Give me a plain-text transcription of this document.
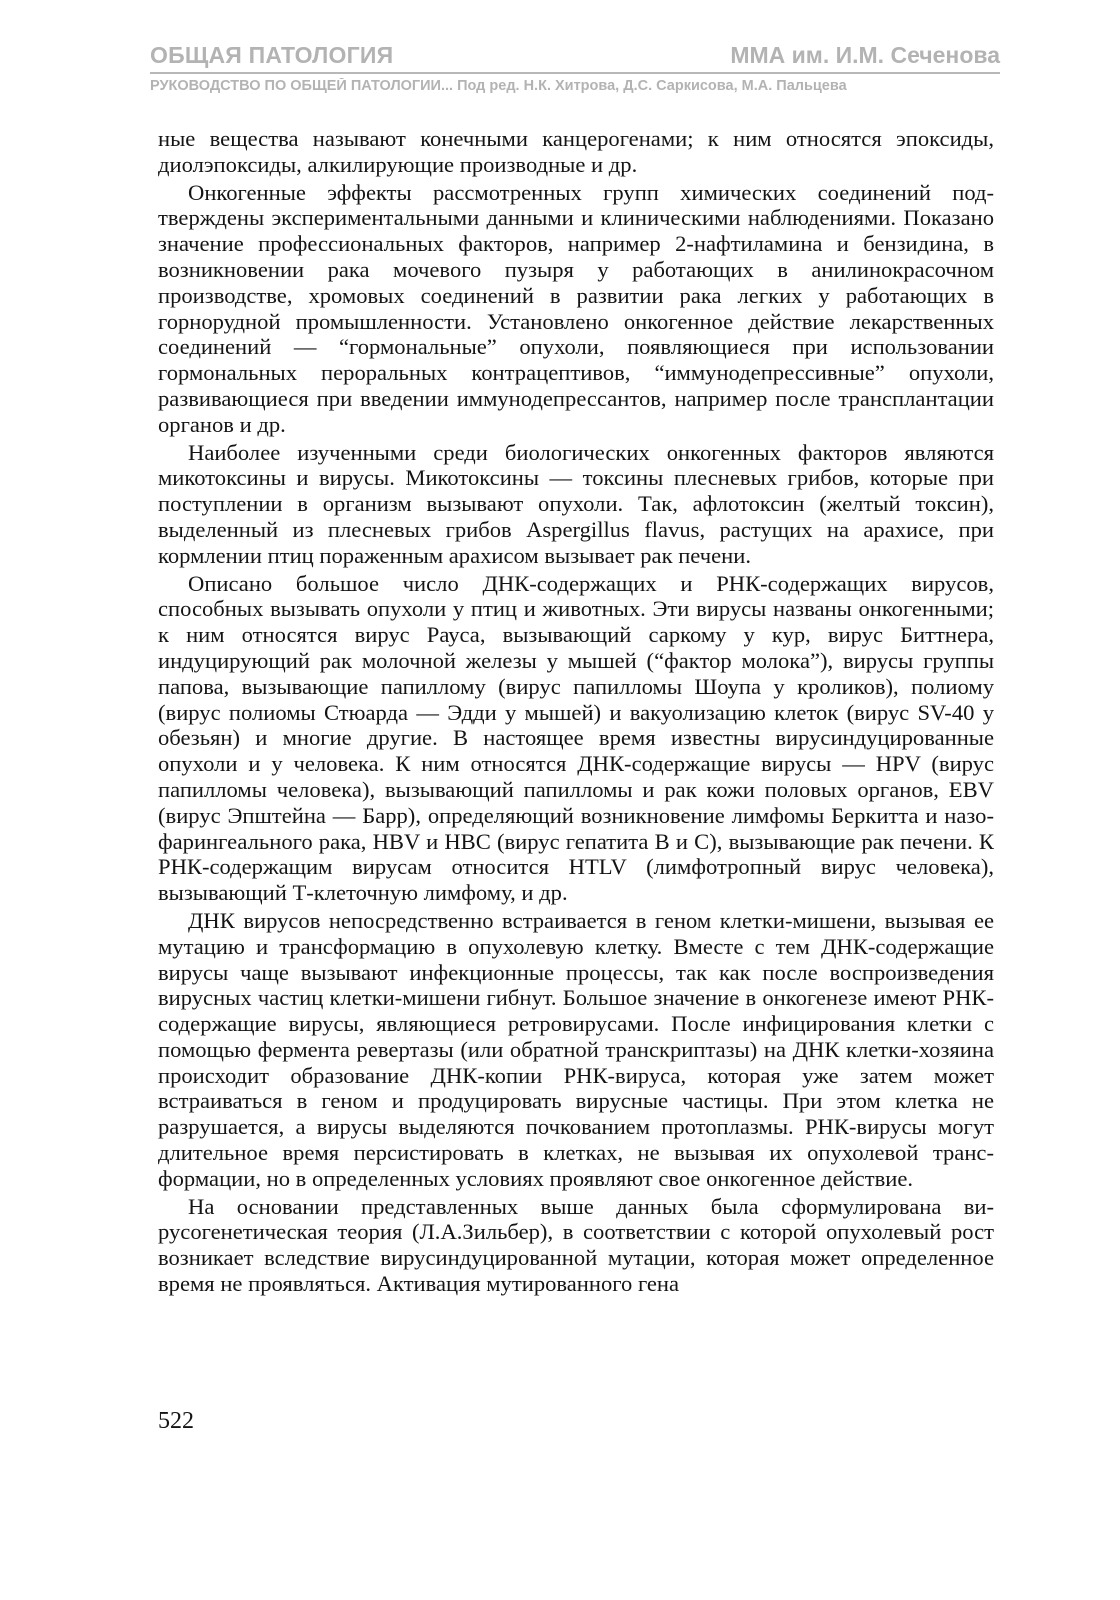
ОБЩАЯ ПАТОЛОГИЯ	ММА им. И.М. Сеченова
РУКОВОДСТВО ПО ОБЩЕЙ ПАТОЛОГИИ... Под ред. Н.К. Хитрова, Д.С. Саркисова, М.А. Пальцева

ные вещества называют конечными канцерогенами; к ним относятся эпоксиды, диолэпоксиды, алкилирующие производные и др.

Онкогенные эффекты рассмотренных групп химических соединений подтверждены экспериментальными данными и клиническими наблюдениями. Показано значение профессиональных факторов, например 2-нафтиламина и бензидина, в возникновении рака мочевого пузыря у работающих в анилинокрасочном производстве, хромовых соединений в развитии рака легких у работающих в горнорудной промышленности. Установлено онкогенное действие лекарственных соединений — “гормональные” опухоли, появляющиеся при использовании гормональных пероральных контрацептивов, “иммунодепрессивные” опухоли, развивающиеся при введении иммунодепрессантов, например после трансплантации органов и др.

Наиболее изученными среди биологических онкогенных факторов являются микотоксины и вирусы. Микотоксины — токсины плесневых грибов, которые при поступлении в организм вызывают опухоли. Так, афлотоксин (желтый токсин), выделенный из плесневых грибов Aspergillus flavus, растущих на арахисе, при кормлении птиц пораженным арахисом вызывает рак печени.

Описано большое число ДНК-содержащих и РНК-содержащих вирусов, способных вызывать опухоли у птиц и животных. Эти вирусы названы онкогенными; к ним относятся вирус Рауса, вызывающий саркому у кур, вирус Биттнера, индуцирующий рак молочной железы у мышей (“фактор молока”), вирусы группы папова, вызывающие папиллому (вирус папилломы Шоупа у кроликов), полиому (вирус полиомы Стюарда — Эдди у мышей) и вакуолизацию клеток (вирус SV-40 у обезьян) и многие другие. В настоящее время известны вирусиндуцированные опухоли и у человека. К ним относятся ДНК-содержащие вирусы — HPV (вирус папилломы человека), вызывающий папилломы и рак кожи половых органов, EBV (вирус Эпштейна — Барр), определяющий возникновение лимфомы Беркитта и назофарингеального рака, HBV и HBC (вирус гепатита В и С), вызывающие рак печени. К РНК-содержащим вирусам относится HTLV (лимфотропный вирус человека), вызывающий Т-клеточную лимфому, и др.

ДНК вирусов непосредственно встраивается в геном клетки-мишени, вызывая ее мутацию и трансформацию в опухолевую клетку. Вместе с тем ДНК-содержащие вирусы чаще вызывают инфекционные процессы, так как после воспроизведения вирусных частиц клетки-мишени гибнут. Большое значение в онкогенезе имеют РНК-содержащие вирусы, являющиеся ретровирусами. После инфицирования клетки с помощью фермента ревертазы (или обратной транскриптазы) на ДНК клетки-хозяина происходит образование ДНК-копии РНК-вируса, которая уже затем может встраиваться в геном и продуцировать вирусные частицы. При этом клетка не разрушается, а вирусы выделяются почкованием протоплазмы. РНК-вирусы могут длительное время персистировать в клетках, не вызывая их опухолевой трансформации, но в определенных условиях проявляют свое онкогенное действие.

На основании представленных выше данных была сформулирована вирусогенетическая теория (Л.А.Зильбер), в соответствии с которой опухолевый рост возникает вследствие вирусиндуцированной мутации, которая может определенное время не проявляться. Активация мутированного гена

522
